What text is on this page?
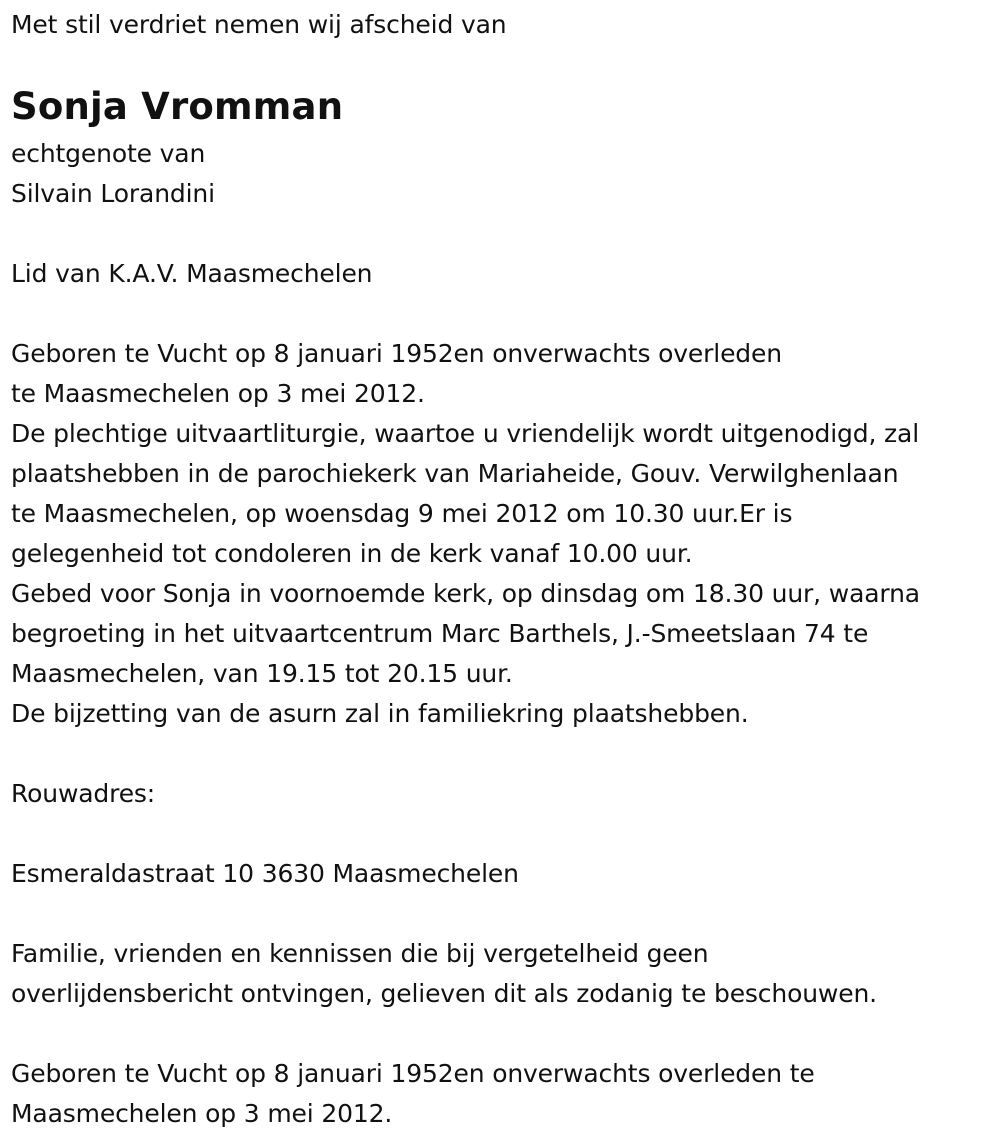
Met stil verdriet nemen wij afscheid van
Sonja Vromman
echtgenote van
Silvain Lorandini
Lid van K.A.V. Maasmechelen
Geboren te Vucht op 8 januari 1952en onverwachts overleden
te Maasmechelen op 3 mei 2012.
De plechtige uitvaartliturgie, waartoe u vriendelijk wordt uitgenodigd, zal
plaatshebben in de parochiekerk van Mariaheide, Gouv. Verwilghenlaan
te Maasmechelen, op woensdag 9 mei 2012 om 10.30 uur.Er is
gelegenheid tot condoleren in de kerk vanaf 10.00 uur.
Gebed voor Sonja in voornoemde kerk, op dinsdag om 18.30 uur, waarna
begroeting in het uitvaartcentrum Marc Barthels, J.-Smeetslaan 74 te
Maasmechelen, van 19.15 tot 20.15 uur.
De bijzetting van de asurn zal in familiekring plaatshebben.
Rouwadres:
Esmeraldastraat 10 3630 Maasmechelen
Familie, vrienden en kennissen die bij vergetelheid geen
overlijdensbericht ontvingen, gelieven dit als zodanig te beschouwen.
Geboren te Vucht op 8 januari 1952en onverwachts overleden te
Maasmechelen op 3 mei 2012.
